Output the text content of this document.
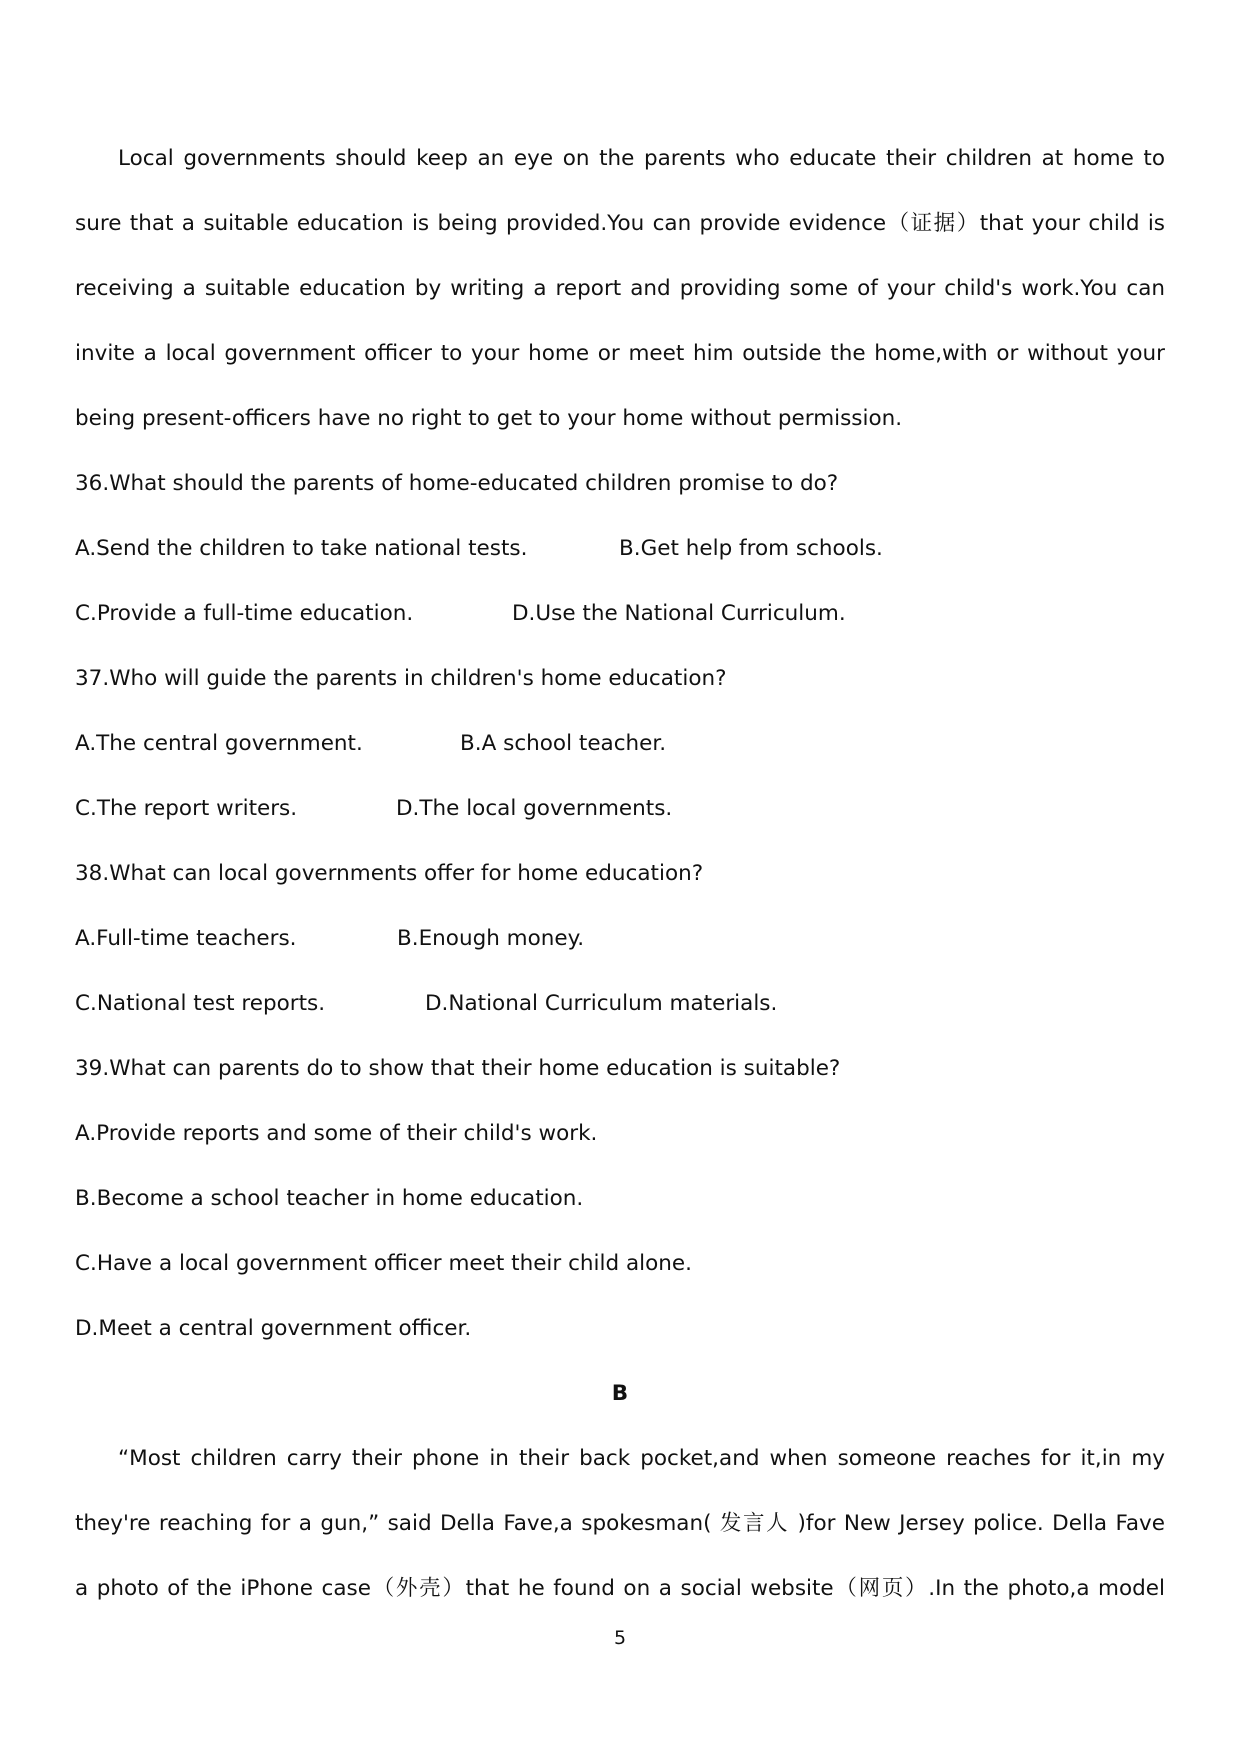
Local governments should keep an eye on the parents who educate their children at home to
sure that a suitable education is being provided.You can provide evidence（证据）that your child is
receiving a suitable education by writing a report and providing some of your child's work.You can
invite a local government officer to your home or meet him outside the home,with or without your
being present-officers have no right to get to your home without permission.
36.What should the parents of home-educated children promise to do?
A.Send the children to take national tests.	B.Get help from schools.
C.Provide a full-time education.	D.Use the National Curriculum.
37.Who will guide the parents in children's home education?
A.The central government.	B.A school teacher.
C.The report writers.	D.The local governments.
38.What can local governments offer for home education?
A.Full-time teachers.	B.Enough money.
C.National test reports.	D.National Curriculum materials.
39.What can parents do to show that their home education is suitable?
A.Provide reports and some of their child's work.
B.Become a school teacher in home education.
C.Have a local government officer meet their child alone.
D.Meet a central government officer.
B
“Most children carry their phone in their back pocket,and when someone reaches for it,in my
they're reaching for a gun,” said Della Fave,a spokesman( 发言人 )for New Jersey police. Della Fave
a photo of the iPhone case（外壳）that he found on a social website（网页）.In the photo,a model
5
